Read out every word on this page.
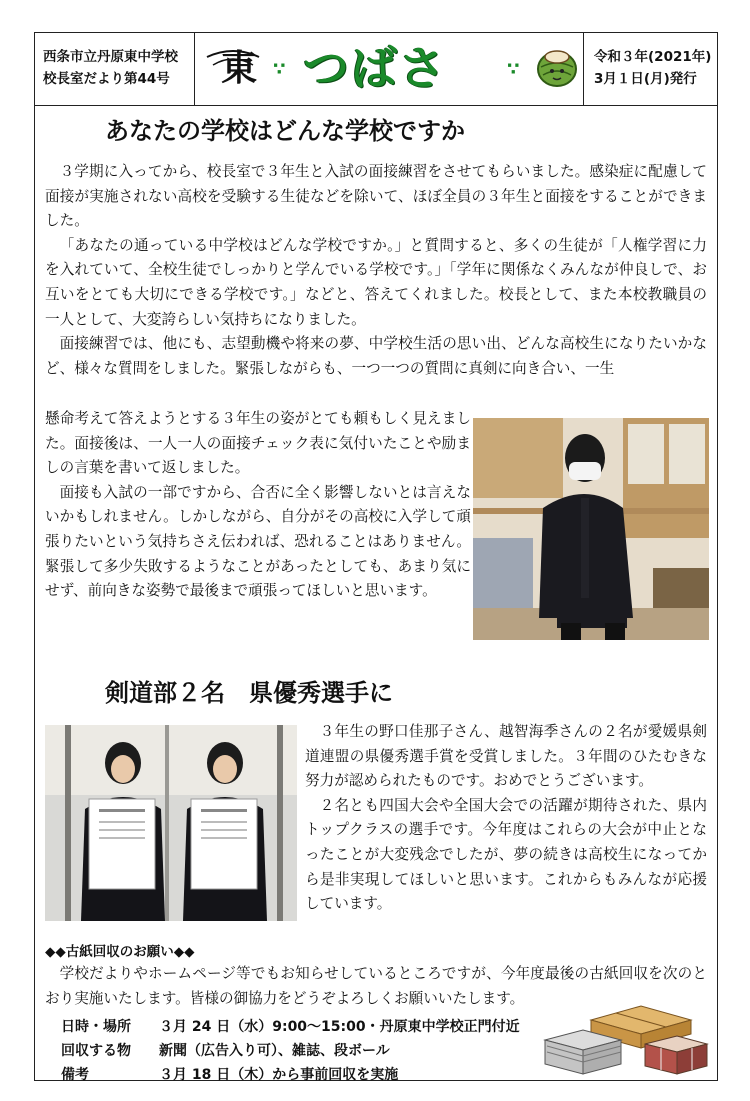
西条市立丹原東中学校
校長室だより第44号	東 ∵ つばさ	∵
令和３年(2021年)
3月１日(月)発行
あなたの学校はどんな学校ですか

３学期に入ってから、校長室で３年生と入試の面接練習をさせてもらいました。感染症に配慮して面接が実施されない高校を受験する生徒などを除いて、ほぼ全員の３年生と面接をすることができました。

「あなたの通っている中学校はどんな学校ですか。」と質問すると、多くの生徒が「人権学習に力を入れていて、全校生徒でしっかりと学んでいる学校です。」「学年に関係なくみんなが仲良しで、お互いをとても大切にできる学校です。」などと、答えてくれました。校長として、また本校教職員の一人として、大変誇らしい気持ちになりました。

面接練習では、他にも、志望動機や将来の夢、中学校生活の思い出、どんな高校生になりたいかなど、様々な質問をしました。緊張しながらも、一つ一つの質問に真剣に向き合い、一生

懸命考えて答えようとする３年生の姿がとても頼もしく見えました。面接後は、一人一人の面接チェック表に気付いたことや励ましの言葉を書いて返しました。

面接も入試の一部ですから、合否に全く影響しないとは言えないかもしれません。しかしながら、自分がその高校に入学して頑張りたいという気持ちさえ伝われば、恐れることはありません。緊張して多少失敗するようなことがあったとしても、あまり気にせず、前向きな姿勢で最後まで頑張ってほしいと思います。

剣道部２名　県優秀選手に

３年生の野口佳那子さん、越智海季さんの２名が愛媛県剣道連盟の県優秀選手賞を受賞しました。３年間のひたむきな努力が認められたものです。おめでとうございます。

２名とも四国大会や全国大会での活躍が期待された、県内トップクラスの選手です。今年度はこれらの大会が中止となったことが大変残念でしたが、夢の続きは高校生になってから是非実現してほしいと思います。これからもみんなが応援しています。

◆◆古紙回収のお願い◆◆

学校だよりやホームページ等でもお知らせしているところですが、今年度最後の古紙回収を次のとおり実施いたします。皆様の御協力をどうぞよろしくお願いいたします。

日時・場所 ３月 24 日（水）9:00～15:00・丹原東中学校正門付近
回収する物 新聞（広告入り可）、雑誌、段ボール
備考	３月 18 日（木）から事前回収を実施
